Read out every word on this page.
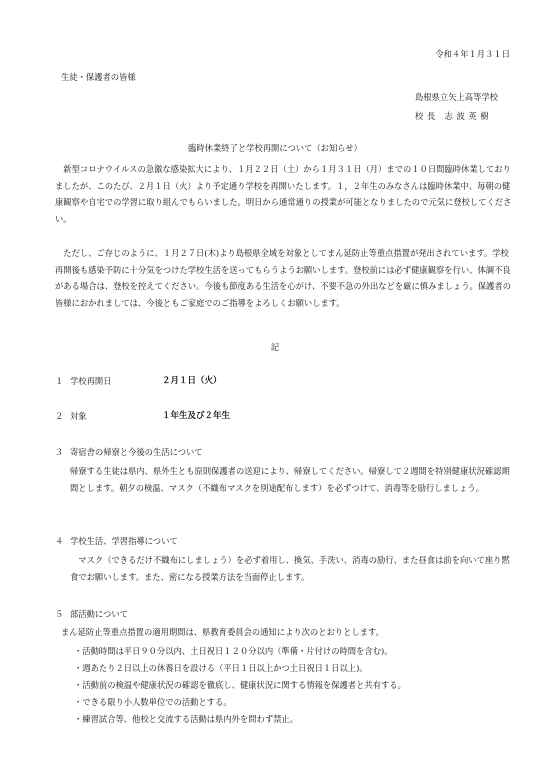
令和４年１月３１日
生徒・保護者の皆様
島根県立矢上高等学校
校 長　志 波 英 樹
臨時休業終了と学校再開について（お知らせ）
　新型コロナウイルスの急激な感染拡大により、１月２２日（土）から１月３１日（月）までの１０日間臨時休業しておりましたが、このたび、２月１日（火）より予定通り学校を再開いたします。１，２年生のみなさんは臨時休業中、毎朝の健康観察や自宅での学習に取り組んでもらいました。明日から通常通りの授業が可能となりましたので元気に登校してください。
　ただし、ご存じのように、１月２７日(木)より島根県全域を対象としてまん延防止等重点措置が発出されています。学校再開後も感染予防に十分気をつけた学校生活を送ってもらうようお願いします。登校前には必ず健康観察を行い、体調不良がある場合は、登校を控えてください。今後も節度ある生活を心がけ、不要不急の外出などを厳に慎みましょう。保護者の皆様におかれましては、今後ともご家庭でのご指導をよろしくお願いします。
記
１ 学校再開日	２月１日（火）
２ 対象	１年生及び２年生
３ 寄宿舎の帰寮と今後の生活について
帰寮する生徒は県内、県外生とも原則保護者の送迎により、帰寮してください。帰寮して２週間を特別健康状況確認期間とします。朝夕の検温、マスク（不織布マスクを別途配布します）を必ずつけて、消毒等を励行しましょう。
４ 学校生活、学習指導について
　マスク（できるだけ不織布にしましょう）を必ず着用し、換気、手洗い、消毒の励行、また昼食は前を向いて座り黙食でお願いします。また、密になる授業方法を当面停止します。
５ 部活動について
まん延防止等重点措置の適用期間は、県教育委員会の通知により次のとおりとします。
・活動時間は平日９０分以内、土日祝日１２０分以内（準備・片付けの時間を含む)。
・週あたり２日以上の休養日を設ける（平日１日以上かつ土日祝日１日以上)。
・活動前の検温や健康状況の確認を徹底し、健康状況に関する情報を保護者と共有する。
・できる限り小人数単位での活動とする。
・練習試合等、他校と交流する活動は県内外を問わず禁止。
